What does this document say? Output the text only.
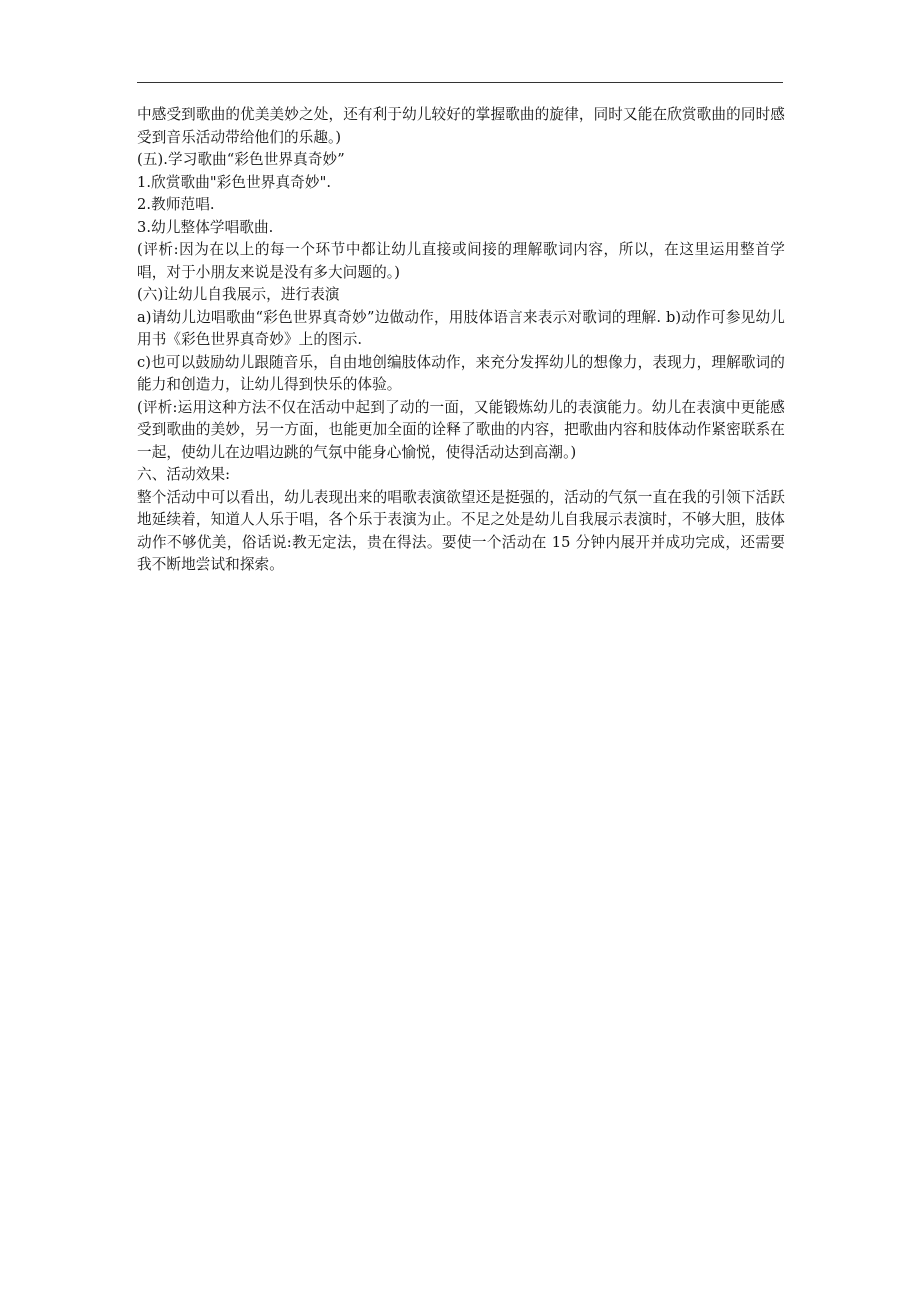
中感受到歌曲的优美美妙之处，还有利于幼儿较好的掌握歌曲的旋律，同时又能在欣赏歌曲的同时感受到音乐活动带给他们的乐趣。)

(五).学习歌曲“彩色世界真奇妙”

1.欣赏歌曲"彩色世界真奇妙".

2.教师范唱.

3.幼儿整体学唱歌曲.

(评析:因为在以上的每一个环节中都让幼儿直接或间接的理解歌词内容，所以，在这里运用整首学唱，对于小朋友来说是没有多大问题的。)

(六)让幼儿自我展示，进行表演

a)请幼儿边唱歌曲“彩色世界真奇妙”边做动作，用肢体语言来表示对歌词的理解. b)动作可参见幼儿用书《彩色世界真奇妙》上的图示.

c)也可以鼓励幼儿跟随音乐，自由地创编肢体动作，来充分发挥幼儿的想像力，表现力，理解歌词的能力和创造力，让幼儿得到快乐的体验。

(评析:运用这种方法不仅在活动中起到了动的一面，又能锻炼幼儿的表演能力。幼儿在表演中更能感受到歌曲的美妙，另一方面，也能更加全面的诠释了歌曲的内容，把歌曲内容和肢体动作紧密联系在一起，使幼儿在边唱边跳的气氛中能身心愉悦，使得活动达到高潮。)

六、活动效果:

整个活动中可以看出，幼儿表现出来的唱歌表演欲望还是挺强的，活动的气氛一直在我的引领下活跃地延续着，知道人人乐于唱，各个乐于表演为止。不足之处是幼儿自我展示表演时，不够大胆，肢体动作不够优美，俗话说:教无定法，贵在得法。要使一个活动在 15 分钟内展开并成功完成，还需要我不断地尝试和探索。
